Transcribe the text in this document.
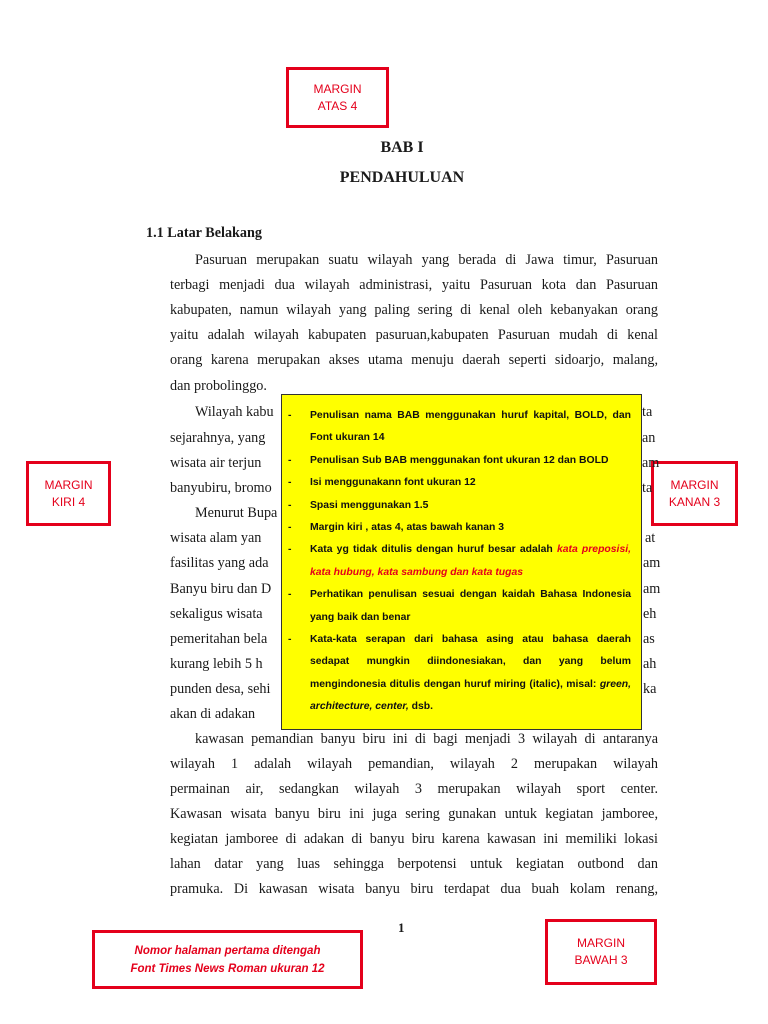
MARGIN
ATAS 4
MARGIN
KIRI 4
MARGIN
KANAN 3
MARGIN
BAWAH 3
Nomor halaman pertama ditengah
Font Times News Roman ukuran 12
BAB I
PENDAHULUAN
1.1 Latar Belakang
Pasuruan merupakan suatu wilayah yang berada di Jawa timur, Pasuruan
terbagi menjadi dua wilayah administrasi, yaitu Pasuruan kota dan Pasuruan
kabupaten, namun wilayah yang paling sering di kenal oleh kebanyakan orang
yaitu adalah wilayah kabupaten pasuruan,kabupaten Pasuruan mudah di kenal
orang karena merupakan akses utama menuju daerah seperti sidoarjo, malang,
dan probolinggo.
Wilayah kabu
sejarahnya, yang
wisata air terjun
banyubiru, bromo
Menurut Bupa
wisata alam yan
fasilitas yang ada
Banyu biru dan D
sekaligus wisata
pemeritahan bela
kurang lebih 5 h
punden desa, sehi
akan di adakan
ta
an
am
ta
at
am
am
eh
as
ah
ka
kawasan pemandian banyu biru ini di bagi menjadi 3 wilayah di antaranya
wilayah 1 adalah wilayah pemandian, wilayah 2 merupakan wilayah
permainan air, sedangkan wilayah 3 merupakan wilayah sport center.
Kawasan wisata banyu biru ini juga sering gunakan untuk kegiatan jamboree,
kegiatan jamboree di adakan di banyu biru karena kawasan ini memiliki lokasi
lahan datar yang luas sehingga berpotensi untuk kegiatan outbond dan
pramuka. Di kawasan wisata banyu biru terdapat dua buah kolam renang,
1
- Penulisan nama BAB menggunakan huruf kapital, BOLD, dan Font ukuran 14
- Penulisan Sub BAB menggunakan font ukuran 12 dan BOLD
- Isi menggunakann font ukuran 12
- Spasi menggunakan 1.5
- Margin kiri , atas 4, atas bawah kanan 3
- Kata yg tidak ditulis dengan huruf besar adalah kata preposisi, kata hubung, kata sambung dan kata tugas
- Perhatikan penulisan sesuai dengan kaidah Bahasa Indonesia yang baik dan benar
- Kata-kata serapan dari bahasa asing atau bahasa daerah sedapat mungkin diindonesiakan, dan yang belum mengindonesia ditulis dengan huruf miring (italic), misal: green, architecture, center, dsb.
